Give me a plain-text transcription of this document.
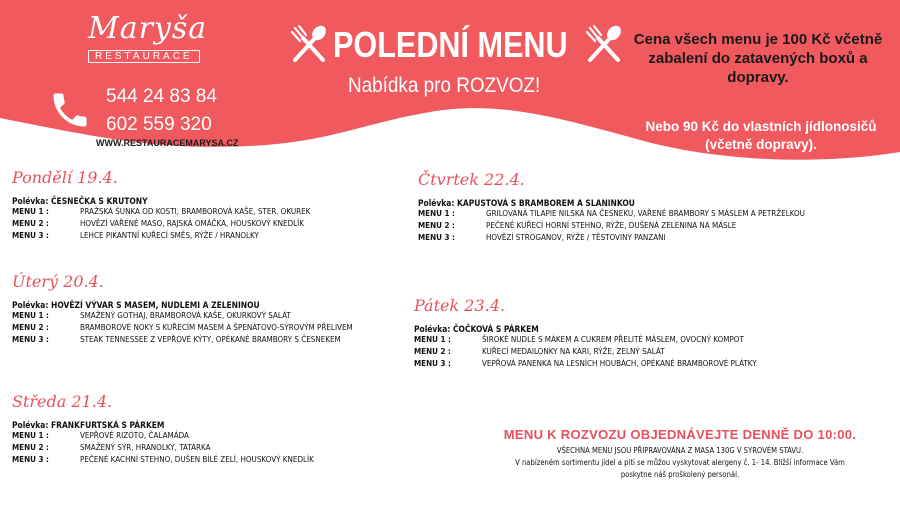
Maryša
RESTAURACE
544 24 83 84
602 559 320
WWW.RESTAURACEMARYSA.CZ
POLEDNÍ MENU
Nabídka pro ROZVOZ!
Cena všech menu je 100 Kč včetně zabalení do zatavených boxů a dopravy.
Nebo 90 Kč do vlastních jídlonosičů (včetně dopravy).
Pondělí 19.4.
Polévka: ČESNEČKA S KRUTONY
MENU 1 :	PRAŽSKÁ ŠUNKA OD KOSTI, BRAMBOROVÁ KAŠE, STER. OKUREK
MENU 2 :	HOVĚZÍ VAŘENÉ MASO, RAJSKÁ OMÁČKA, HOUSKOVÝ KNEDLÍK
MENU 3 :	LEHCE PIKANTNÍ KUŘECÍ SMĚS, RÝŽE / HRANOLKY
Úterý 20.4.
Polévka: HOVĚZÍ VÝVAR S MASEM, NUDLEMI A ZELENINOU
MENU 1 :	SMAŽENÝ GOTHAJ, BRAMBOROVÁ KAŠE, OKURKOVÝ SALÁT
MENU 2 :	BRAMBOROVÉ NOKY S KUŘECÍM MASEM A ŠPENÁTOVO-SÝROVÝM PŘELIVEM
MENU 3 :	STEAK TENNESSEE Z VEPŘOVÉ KÝTY, OPÉKANÉ BRAMBORY S ČESNEKEM
Středa 21.4.
Polévka: FRANKFURTSKÁ S PÁRKEM
MENU 1 :	VEPŘOVÉ RIZOTO, ČALAMÁDA
MENU 2 :	SMAŽENÝ SÝR, HRANOLKY, TATARKA
MENU 3 :	PEČENÉ KACHNÍ STEHNO, DUŠEN BÍLÉ ZELÍ, HOUSKOVÝ KNEDLÍK
Čtvrtek 22.4.
Polévka: KAPUSTOVÁ S BRAMBOREM A SLANINKOU
MENU 1 :	GRILOVANÁ TILAPIE NILSKÁ NA ČESNEKU, VAŘENÉ BRAMBORY S MÁSLEM A PETRŽELKOU
MENU 2 :	PEČENÉ KUŘECÍ HORNÍ STEHNO, RÝŽE, DUŠENÁ ZELENINA NA MÁSLE
MENU 3 :	HOVĚZÍ STROGANOV, RÝŽE / TĚSTOVINY PANZANI
Pátek 23.4.
Polévka: ČOČKOVÁ S PÁRKEM
MENU 1 :	ŠIROKÉ NUDLE S MÁKEM A CUKREM PŘELITÉ MÁSLEM, OVOCNÝ KOMPOT
MENU 2 :	KUŘECÍ MEDAILONKY NA KARI, RÝŽE, ZELNÝ SALÁT
MENU 3 :	VEPŘOVÁ PANENKA NA LESNÍCH HOUBÁCH, OPÉKANÉ BRAMBOROVÉ PLÁTKY
MENU K ROZVOZU OBJEDNÁVEJTE DENNĚ DO 10:00.
VŠECHNA MENU JSOU PŘIPRAVOVÁNA Z MASA 130G V SYROVÉM STAVU.
V nabízeném sortimentu jídel a pití se můžou vyskytovat alergeny č. 1- 14. Bližší informace Vám
poskytne náš proškolený personál.
